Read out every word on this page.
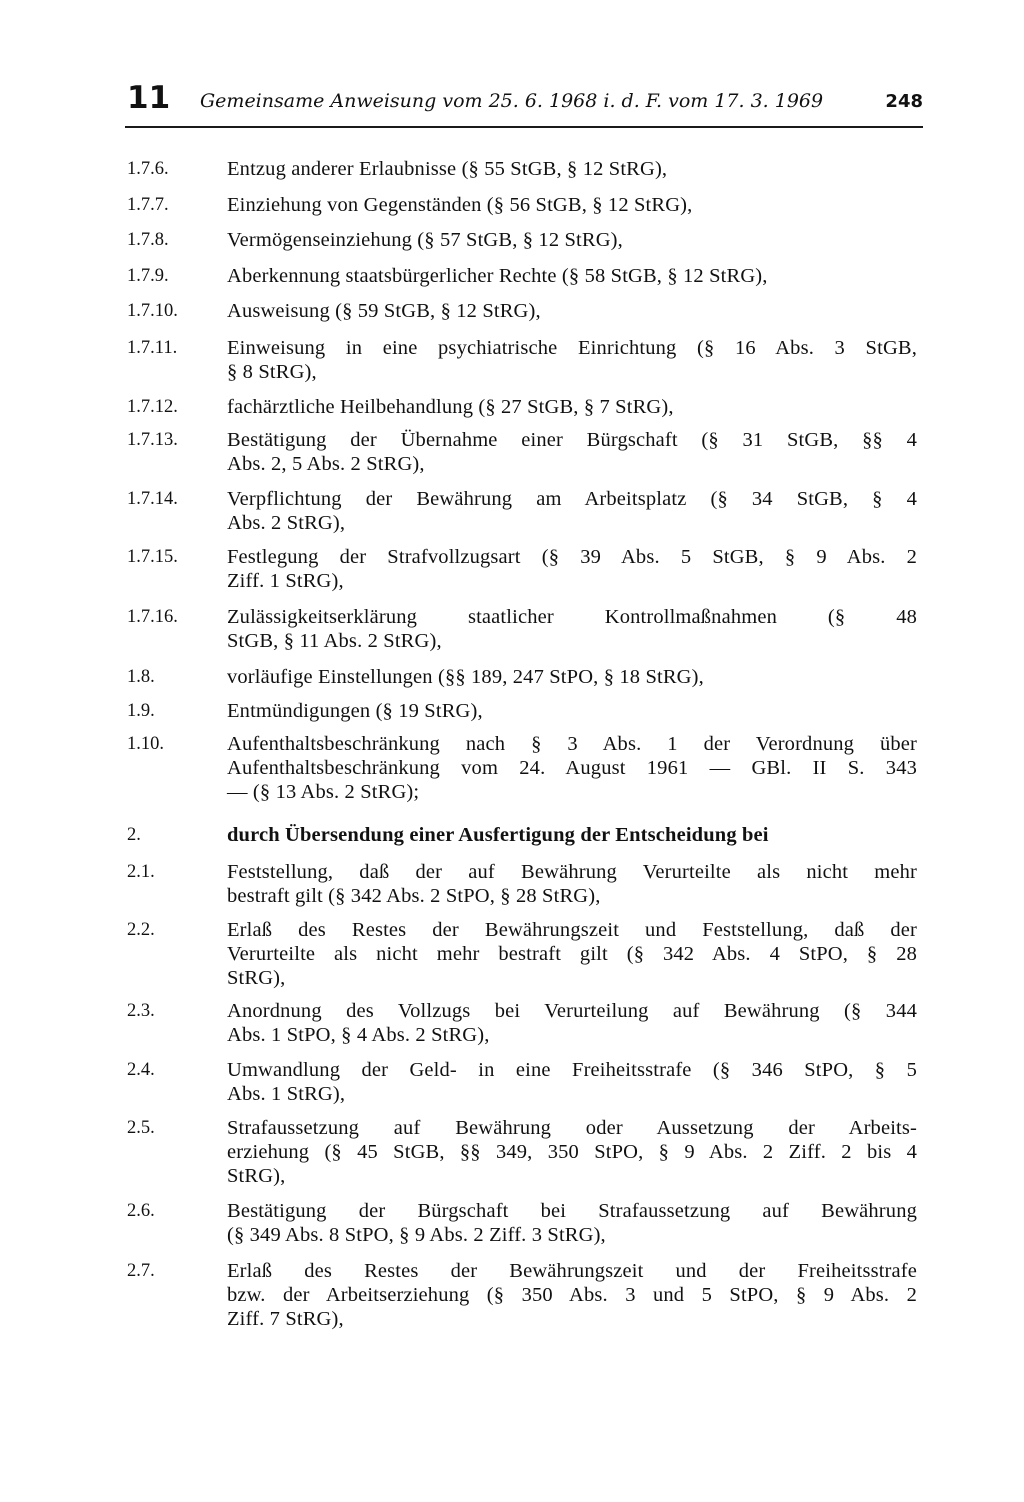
11 Gemeinsame Anweisung vom 25. 6. 1968 i. d. F. vom 17. 3. 1969	248
1.7.6.	Entzug anderer Erlaubnisse (§ 55 StGB, § 12 StRG),
1.7.7.	Einziehung von Gegenständen (§ 56 StGB, § 12 StRG),
1.7.8.	Vermögenseinziehung (§ 57 StGB, § 12 StRG),
1.7.9.	Aberkennung staatsbürgerlicher Rechte (§ 58 StGB, § 12 StRG),
1.7.10. Ausweisung (§ 59 StGB, § 12 StRG),
1.7.11. Einweisung in eine psychiatrische Einrichtung (§ 16 Abs. 3 StGB,
§ 8 StRG),
1.7.12. fachärztliche Heilbehandlung (§ 27 StGB, § 7 StRG),
1.7.13. Bestätigung der Übernahme einer Bürgschaft (§ 31 StGB, §§ 4
Abs. 2, 5 Abs. 2 StRG),
1.7.14. Verpflichtung der Bewährung am Arbeitsplatz (§ 34 StGB, § 4
Abs. 2 StRG),
1.7.15. Festlegung der Strafvollzugsart (§ 39 Abs. 5 StGB, § 9 Abs. 2
Ziff. 1 StRG),
1.7.16. Zulässigkeitserklärung staatlicher Kontrollmaßnahmen (§ 48
StGB, § 11 Abs. 2 StRG),
1.8.	vorläufige Einstellungen (§§ 189, 247 StPO, § 18 StRG),
1.9.	Entmündigungen (§ 19 StRG),
1.10.	Aufenthaltsbeschränkung nach § 3 Abs. 1 der Verordnung über
Aufenthaltsbeschränkung vom 24. August 1961 — GBl. II S. 343
— (§ 13 Abs. 2 StRG);
2.	durch Übersendung einer Ausfertigung der Entscheidung bei
2.1.	Feststellung, daß der auf Bewährung Verurteilte als nicht mehr
bestraft gilt (§ 342 Abs. 2 StPO, § 28 StRG),
2.2.	Erlaß des Restes der Bewährungszeit und Feststellung, daß der
Verurteilte als nicht mehr bestraft gilt (§ 342 Abs. 4 StPO, § 28
StRG),
2.3.	Anordnung des Vollzugs bei Verurteilung auf Bewährung (§ 344
Abs. 1 StPO, § 4 Abs. 2 StRG),
2.4.	Umwandlung der Geld- in eine Freiheitsstrafe (§ 346 StPO, § 5
Abs. 1 StRG),
2.5.	Strafaussetzung auf Bewährung oder Aussetzung der Arbeits-
erziehung (§ 45 StGB, §§ 349, 350 StPO, § 9 Abs. 2 Ziff. 2 bis 4
StRG),
2.6.	Bestätigung der Bürgschaft bei Strafaussetzung auf Bewährung
(§ 349 Abs. 8 StPO, § 9 Abs. 2 Ziff. 3 StRG),
2.7.	Erlaß des Restes der Bewährungszeit und der Freiheitsstrafe
bzw. der Arbeitserziehung (§ 350 Abs. 3 und 5 StPO, § 9 Abs. 2
Ziff. 7 StRG),
